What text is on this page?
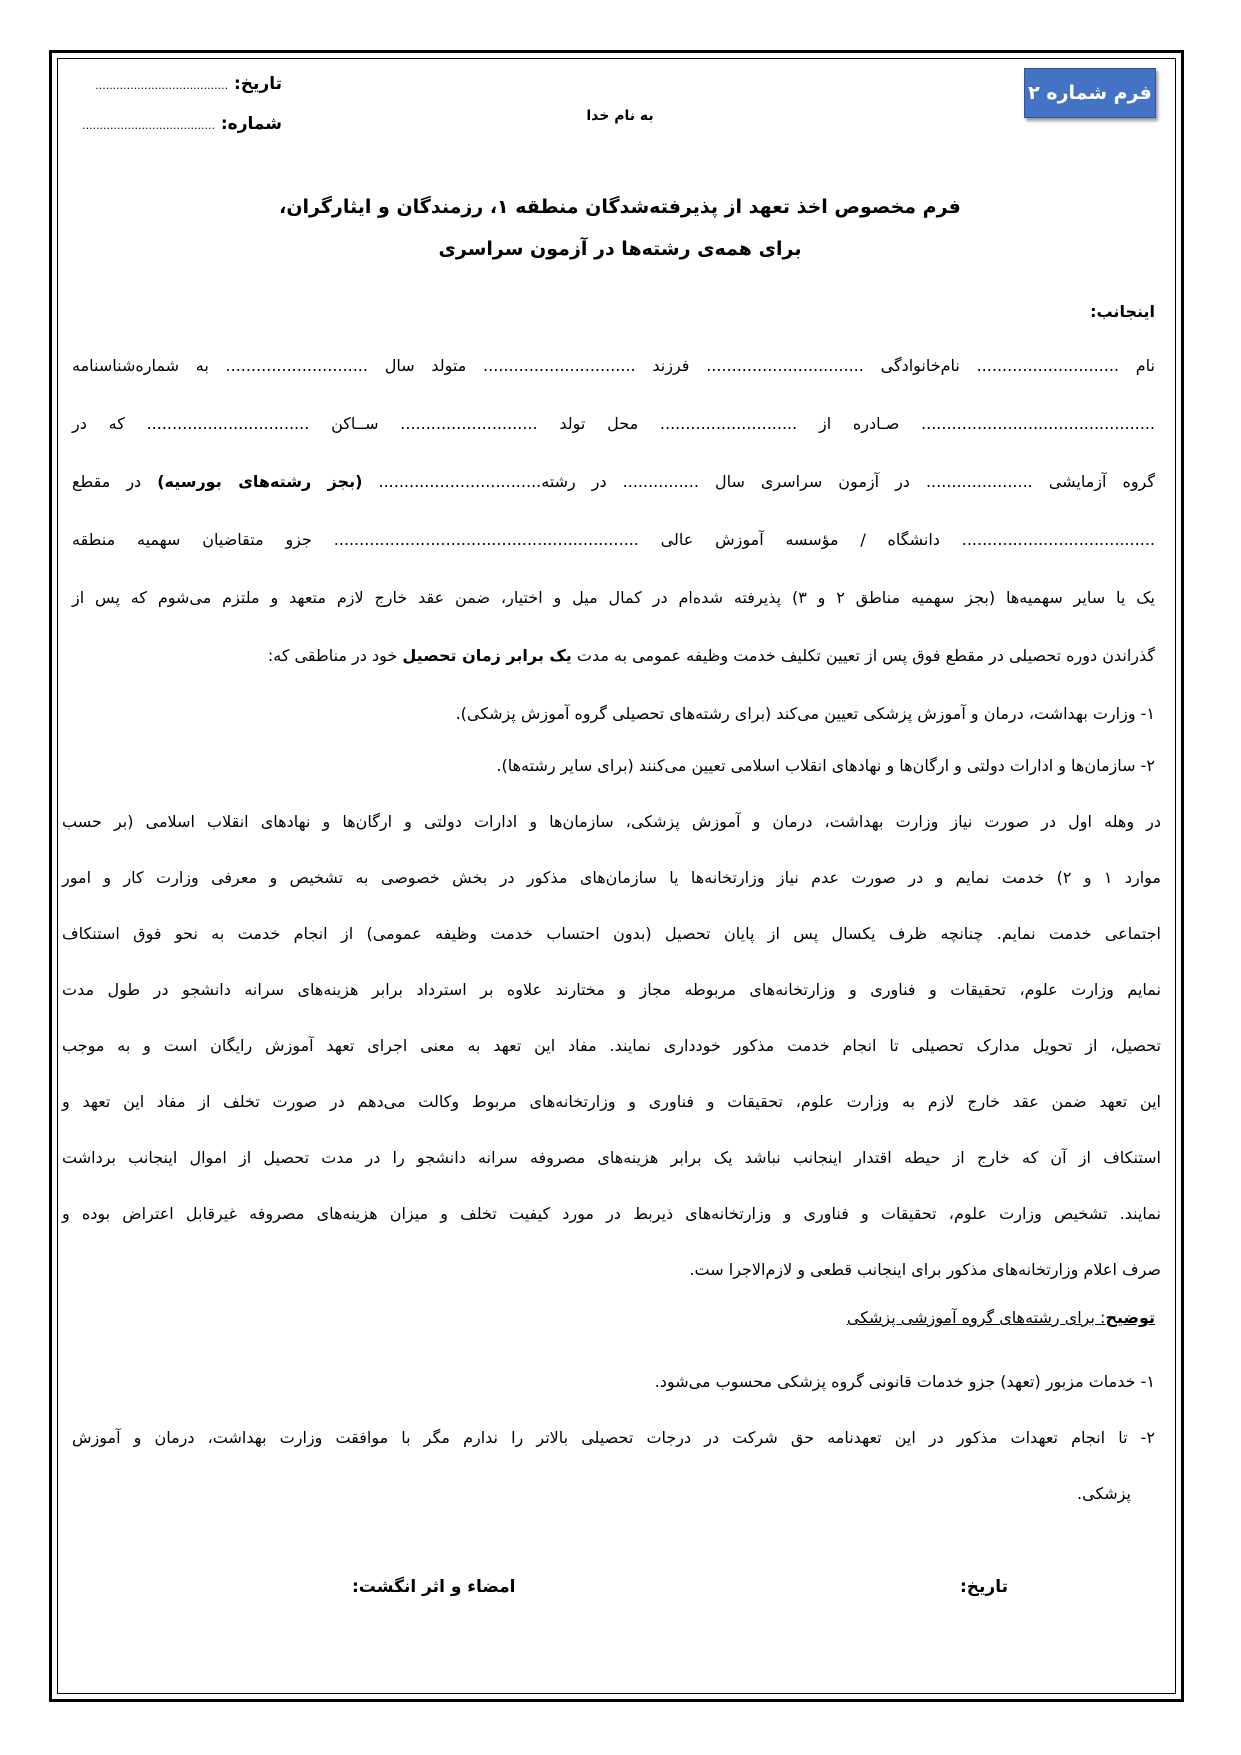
فرم شماره ۲
به نام خدا
تاریخ: ......................................
شماره: ......................................
فرم مخصوص اخذ تعهد از پذیرفته‌شدگان منطقه ۱، رزمندگان و ایثارگران،
برای همه‌ی رشته‌ها در آزمون سراسری
اینجانب:
نام ............................ نام‌خانوادگی ............................... فرزند .............................. متولد سال ............................ به شماره‌شناسنامه
.............................................. صـادره از ........................... محل تولد ........................... ســاکن ................................ که در
گروه آزمایشی ..................... در آزمون سراسری سال ............... در رشته................................ (بجز رشته‌های بورسیه) در مقطع
...................................... دانشگاه / مؤسسه آموزش عالی ............................................................ جزو متقاضیان سهمیه منطقه
یک یا سایر سهمیه‌ها (بجز سهمیه مناطق ۲ و ۳) پذیرفته شده‌ام در کمال میل و اختیار، ضمن عقد خارج لازم متعهد و ملتزم می‌شوم که پس از
گذراندن دوره تحصیلی در مقطع فوق پس از تعیین تکلیف خدمت وظیفه عمومی به مدت یک برابر زمان تحصیل خود در مناطقی که:
۱- وزارت بهداشت، درمان و آموزش پزشکی تعیین می‌کند (برای رشته‌های تحصیلی گروه آموزش پزشکی).
۲- سازمان‌ها و ادارات دولتی و ارگان‌ها و نهادهای انقلاب اسلامی تعیین می‌کنند (برای سایر رشته‌ها).
در وهله اول در صورت نیاز وزارت بهداشت، درمان و آموزش پزشکی، سازمان‌ها و ادارات دولتی و ارگان‌ها و نهادهای انقلاب اسلامی (بر حسب
موارد ۱ و ۲) خدمت نمایم و در صورت عدم نیاز وزارتخانه‌ها یا سازمان‌های مذکور در بخش خصوصی به تشخیص و معرفی وزارت کار و امور
اجتماعی خدمت نمایم. چنانچه ظرف یکسال پس از پایان تحصیل (بدون احتساب خدمت وظیفه عمومی) از انجام خدمت به نحو فوق استنکاف
نمایم وزارت علوم، تحقیقات و فناوری و وزارتخانه‌های مربوطه مجاز و مختارند علاوه بر استرداد برابر هزینه‌های سرانه دانشجو در طول مدت
تحصیل، از تحویل مدارک تحصیلی تا انجام خدمت مذکور خودداری نمایند. مفاد این تعهد به معنی اجرای تعهد آموزش رایگان است و به موجب
این تعهد ضمن عقد خارج لازم به وزارت علوم، تحقیقات و فناوری و وزارتخانه‌های مربوط وکالت می‌دهم در صورت تخلف از مفاد این تعهد و
استنکاف از آن که خارج از حیطه اقتدار اینجانب نباشد یک برابر هزینه‌های مصروفه سرانه دانشجو را در مدت تحصیل از اموال اینجانب برداشت
نمایند. تشخیص وزارت علوم، تحقیقات و فناوری و وزارتخانه‌های ذیربط در مورد کیفیت تخلف و میزان هزینه‌های مصروفه غیرقابل اعتراض بوده و
صرف اعلام وزارتخانه‌های مذکور برای اینجانب قطعی و لازم‌الاجرا ست.
توضیح: برای رشته‌های گروه آموزشی پزشکی
۱- خدمات مزبور (تعهد) جزو خدمات قانونی گروه پزشکی محسوب می‌شود.
۲- تا انجام تعهدات مذکور در این تعهدنامه حق شرکت در درجات تحصیلی بالاتر را ندارم مگر با موافقت وزارت بهداشت، درمان و آموزش
پزشکی.
تاریخ:
امضاء و اثر انگشت:
